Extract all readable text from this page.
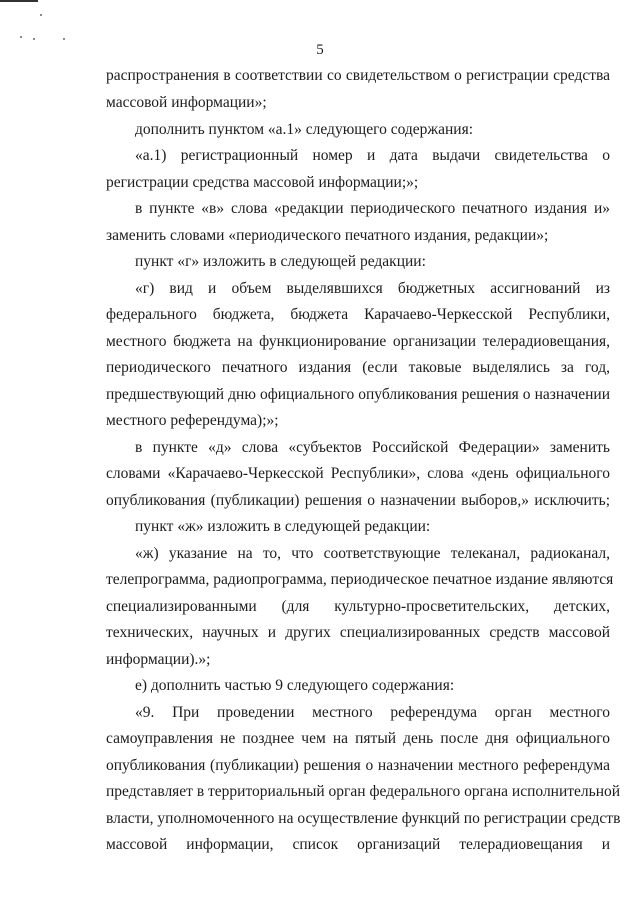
5
распространения в соответствии со свидетельством о регистрации средства
массовой информации»;
дополнить пунктом «а.1» следующего содержания:
«а.1) регистрационный номер и дата выдачи свидетельства о
регистрации средства массовой информации;»;
в пункте «в» слова «редакции периодического печатного издания и»
заменить словами «периодического печатного издания, редакции»;
пункт «г» изложить в следующей редакции:
«г) вид и объем выделявшихся бюджетных ассигнований из
федерального бюджета, бюджета Карачаево-Черкесской Республики,
местного бюджета на функционирование организации телерадиовещания,
периодического печатного издания (если таковые выделялись за год,
предшествующий дню официального опубликования решения о назначении
местного референдума);»;
в пункте «д» слова «субъектов Российской Федерации» заменить
словами «Карачаево-Черкесской Республики», слова «день официального
опубликования (публикации) решения о назначении выборов,» исключить;
пункт «ж» изложить в следующей редакции:
«ж) указание на то, что соответствующие телеканал, радиоканал,
телепрограмма, радиопрограмма, периодическое печатное издание являются
специализированными (для культурно-просветительских, детских,
технических, научных и других специализированных средств массовой
информации).»;
е) дополнить частью 9 следующего содержания:
«9. При проведении местного референдума орган местного
самоуправления не позднее чем на пятый день после дня официального
опубликования (публикации) решения о назначении местного референдума
представляет в территориальный орган федерального органа исполнительной
власти, уполномоченного на осуществление функций по регистрации средств
массовой информации, список организаций телерадиовещания и
